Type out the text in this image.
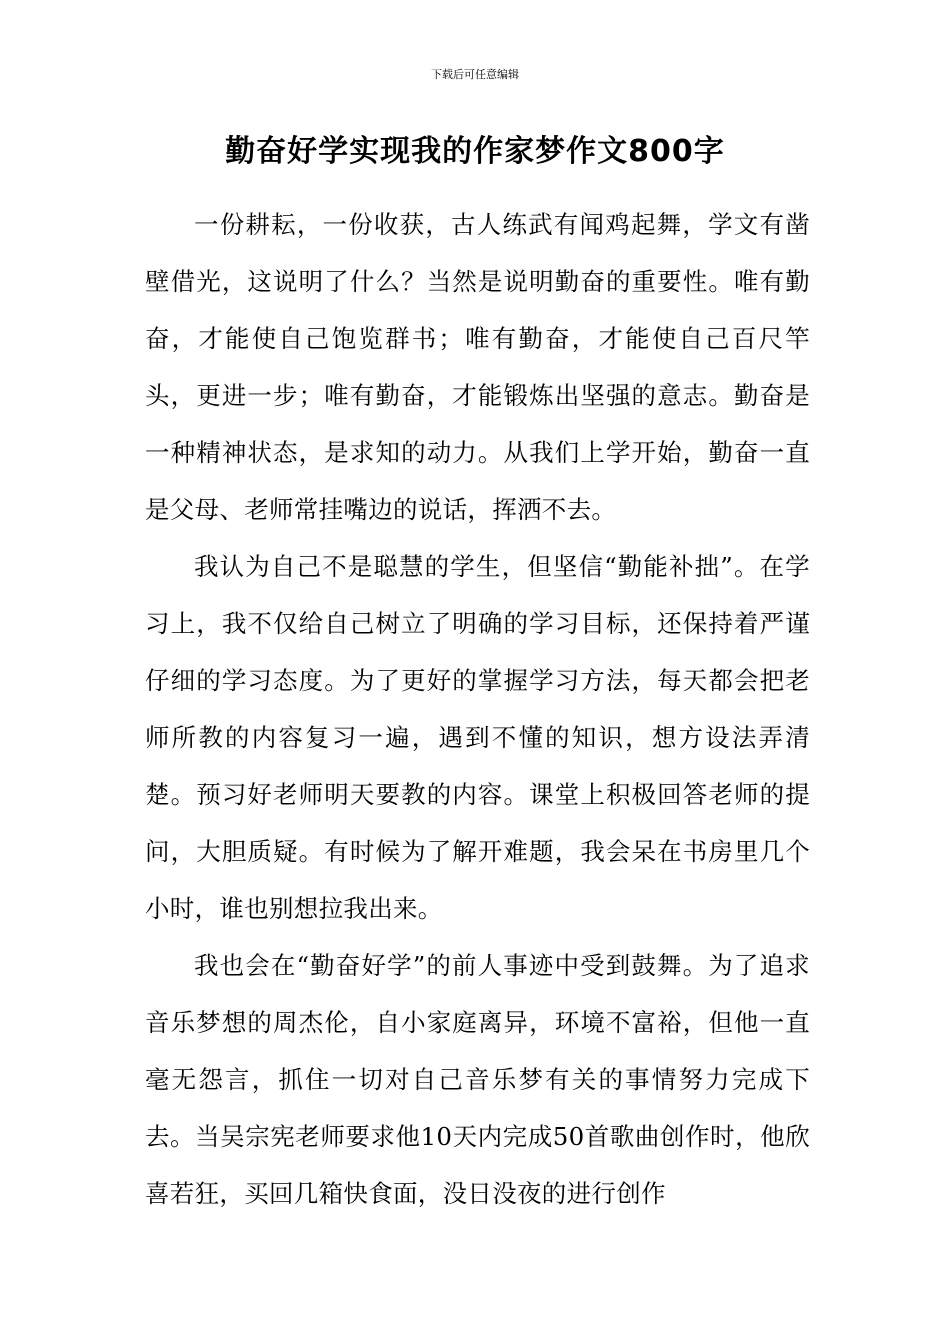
下载后可任意编辑
勤奋好学实现我的作家梦作文800字

一份耕耘，一份收获，古人练武有闻鸡起舞，学文有凿壁借光，这说明了什么？当然是说明勤奋的重要性。唯有勤奋，才能使自己饱览群书；唯有勤奋，才能使自己百尺竿头，更进一步；唯有勤奋，才能锻炼出坚强的意志。勤奋是一种精神状态，是求知的动力。从我们上学开始，勤奋一直是父母、老师常挂嘴边的说话，挥洒不去。

我认为自己不是聪慧的学生，但坚信“勤能补拙”。在学习上，我不仅给自己树立了明确的学习目标，还保持着严谨仔细的学习态度。为了更好的掌握学习方法，每天都会把老师所教的内容复习一遍，遇到不懂的知识，想方设法弄清楚。预习好老师明天要教的内容。课堂上积极回答老师的提问，大胆质疑。有时候为了解开难题，我会呆在书房里几个小时，谁也别想拉我出来。

我也会在“勤奋好学”的前人事迹中受到鼓舞。为了追求音乐梦想的周杰伦，自小家庭离异，环境不富裕，但他一直毫无怨言，抓住一切对自己音乐梦有关的事情努力完成下去。当吴宗宪老师要求他10天内完成50首歌曲创作时，他欣喜若狂，买回几箱快食面，没日没夜的进行创作
